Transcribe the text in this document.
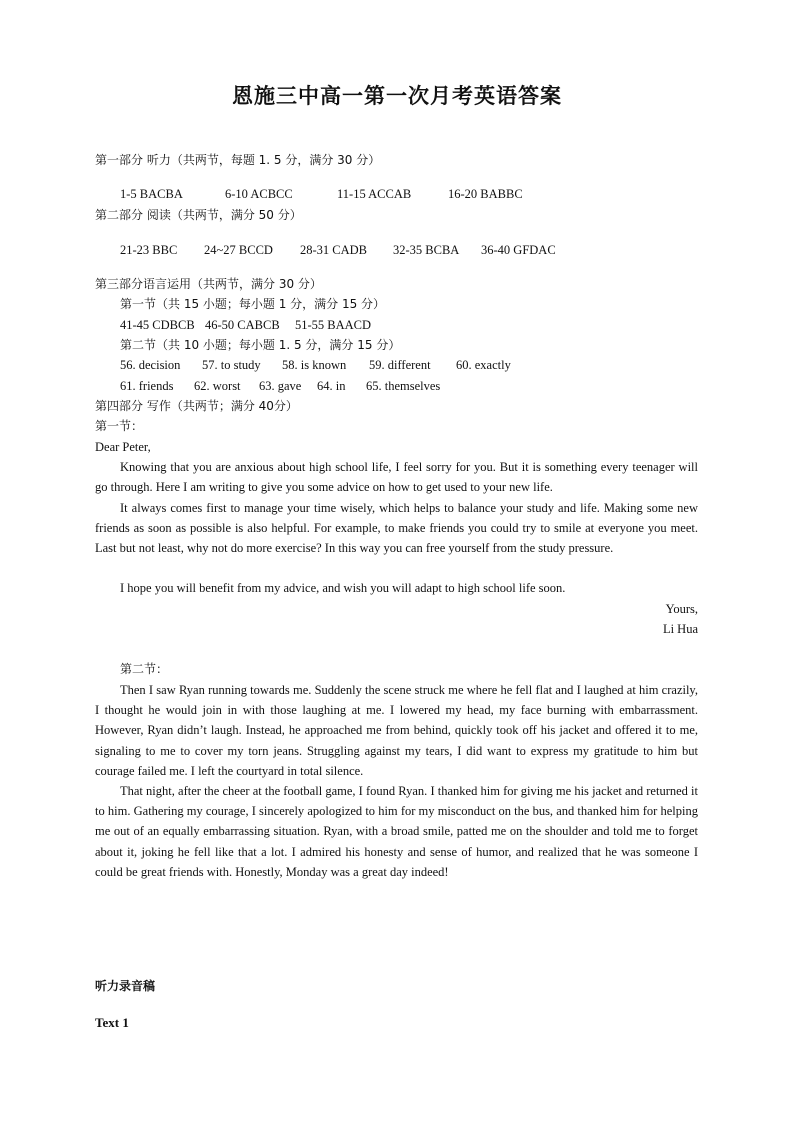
恩施三中高一第一次月考英语答案
第一部分 听力（共两节，每题 1. 5 分，满分 30 分）
1-5 BACBA	6-10 ACBCC	11-15 ACCAB	16-20 BABBC
第二部分 阅读（共两节，满分 50 分）
21-23 BBC 24~27 BCCD 28-31 CADB 32-35 BCBA 36-40 GFDAC
第三部分语言运用（共两节，满分 30 分）
第一节（共 15 小题；每小题 1 分，满分 15 分）
41-45 CDBCB 46-50 CABCB 51-55 BAACD
第二节（共 10 小题；每小题 1. 5 分，满分 15 分）
56. decision 57. to study 58. is known 59. different 60. exactly
61. friends 62. worst 63. gave 64. in 65. themselves
第四部分 写作（共两节；满分 40分）
第一节：
Dear Peter,

Knowing that you are anxious about high school life, I feel sorry for you. But it is something every teenager will go through. Here I am writing to give you some advice on how to get used to your new life.

It always comes first to manage your time wisely, which helps to balance your study and life. Making some new friends as soon as possible is also helpful. For example, to make friends you could try to smile at everyone you meet. Last but not least, why not do more exercise? In this way you can free yourself from the study pressure.

I hope you will benefit from my advice, and wish you will adapt to high school life soon.

Yours,
Li Hua
第二节：

Then I saw Ryan running towards me. Suddenly the scene struck me where he fell flat and I laughed at him crazily, I thought he would join in with those laughing at me. I lowered my head, my face burning with embarrassment. However, Ryan didn’t laugh. Instead, he approached me from behind, quickly took off his jacket and offered it to me, signaling to me to cover my torn jeans. Struggling against my tears, I did want to express my gratitude to him but courage failed me. I left the courtyard in total silence.

That night, after the cheer at the football game, I found Ryan. I thanked him for giving me his jacket and returned it to him. Gathering my courage, I sincerely apologized to him for my misconduct on the bus, and thanked him for helping me out of an equally embarrassing situation. Ryan, with a broad smile, patted me on the shoulder and told me to forget about it, joking he fell like that a lot. I admired his honesty and sense of humor, and realized that he was someone I could be great friends with. Honestly, Monday was a great day indeed!

听力录音稿
Text 1
